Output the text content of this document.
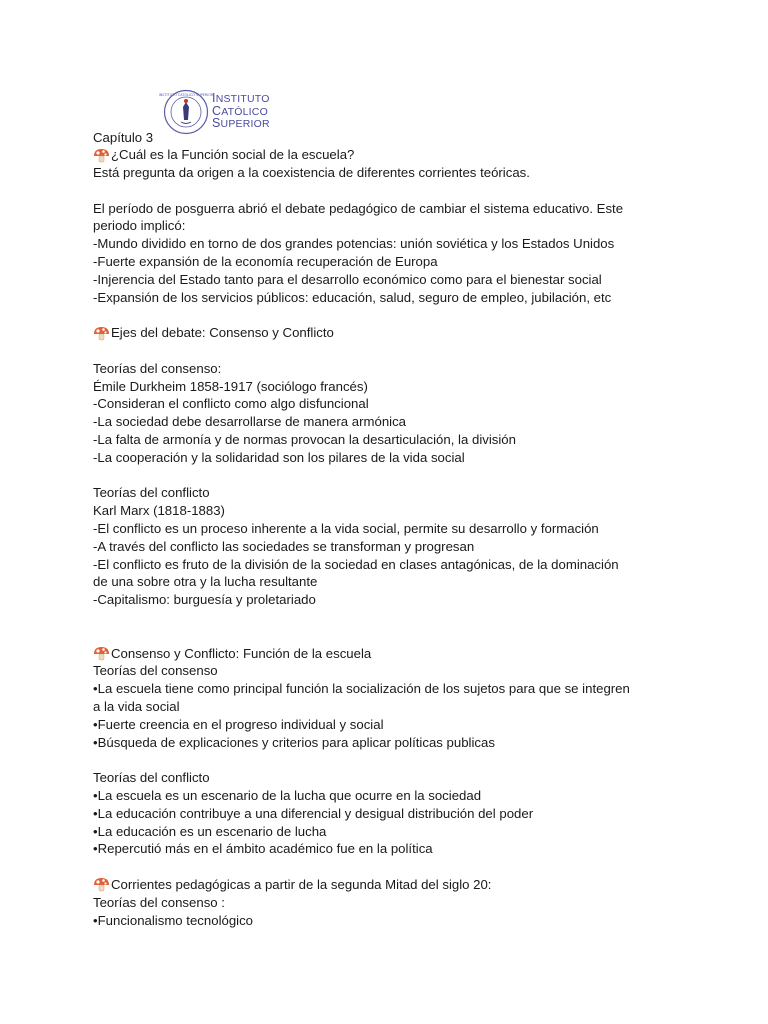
INSTITUTO CATÓLICO SUPERIOR
INSTITUTO
CATÓLICO
SUPERIOR
Capítulo 3
¿Cuál es la Función social de la escuela?
Está pregunta da origen a la coexistencia de diferentes corrientes teóricas.
El período de posguerra abrió el debate pedagógico de cambiar el sistema educativo. Este
periodo implicó:
-Mundo dividido en torno de dos grandes potencias: unión soviética y los Estados Unidos
-Fuerte expansión de la economía recuperación de Europa
-Injerencia del Estado tanto para el desarrollo económico como para el bienestar social
-Expansión de los servicios públicos: educación, salud, seguro de empleo, jubilación, etc
Ejes del debate: Consenso y Conflicto
Teorías del consenso:
Émile Durkheim 1858-1917 (sociólogo francés)
-Consideran el conflicto como algo disfuncional
-La sociedad debe desarrollarse de manera armónica
-La falta de armonía y de normas provocan la desarticulación, la división
-La cooperación y la solidaridad son los pilares de la vida social
Teorías del conflicto
Karl Marx (1818-1883)
-El conflicto es un proceso inherente a la vida social, permite su desarrollo y formación
-A través del conflicto las sociedades se transforman y progresan
-El conflicto es fruto de la división de la sociedad en clases antagónicas, de la dominación
de una sobre otra y la lucha resultante
-Capitalismo: burguesía y proletariado
Consenso y Conflicto: Función de la escuela
Teorías del consenso
•La escuela tiene como principal función la socialización de los sujetos para que se integren
a la vida social
•Fuerte creencia en el progreso individual y social
•Búsqueda de explicaciones y criterios para aplicar políticas publicas
Teorías del conflicto
•La escuela es un escenario de la lucha que ocurre en la sociedad
•La educación contribuye a una diferencial y desigual distribución del poder
•La educación es un escenario de lucha
•Repercutió más en el ámbito académico fue en la política
Corrientes pedagógicas a partir de la segunda Mitad del siglo 20:
Teorías del consenso :
•Funcionalismo tecnológico
